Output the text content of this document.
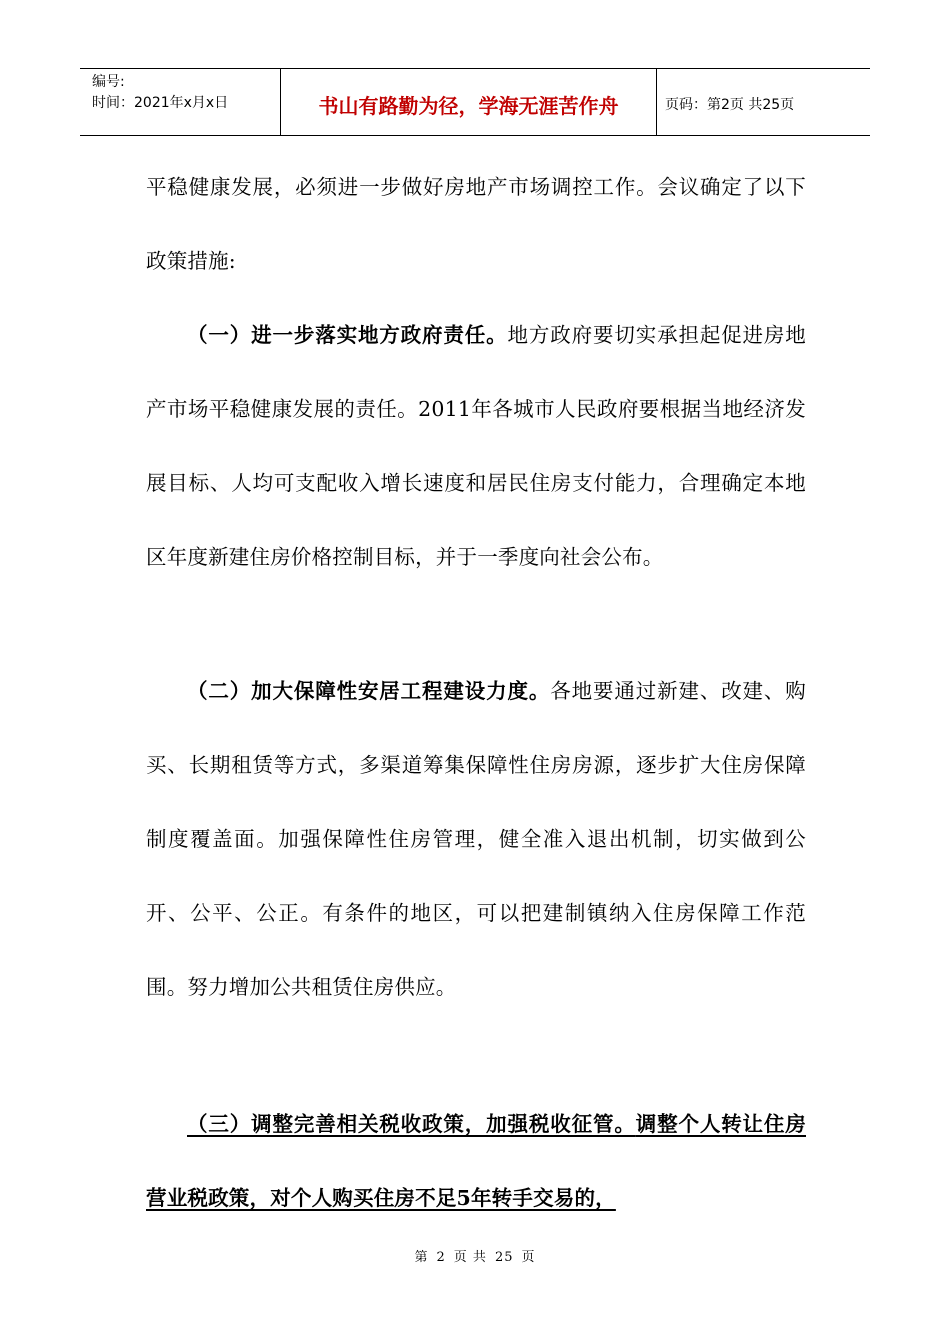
编号:
时间：2021年x月x日	书山有路勤为径，学海无涯苦作舟	页码：第2页 共25页

平稳健康发展，必须进一步做好房地产市场调控工作。会议确定了以下政策措施:

（一）进一步落实地方政府责任。地方政府要切实承担起促进房地产市场平稳健康发展的责任。2011年各城市人民政府要根据当地经济发展目标、人均可支配收入增长速度和居民住房支付能力，合理确定本地区年度新建住房价格控制目标，并于一季度向社会公布。

（二）加大保障性安居工程建设力度。各地要通过新建、改建、购买、长期租赁等方式，多渠道筹集保障性住房房源，逐步扩大住房保障制度覆盖面。加强保障性住房管理，健全准入退出机制，切实做到公开、公平、公正。有条件的地区，可以把建制镇纳入住房保障工作范围。努力增加公共租赁住房供应。

（三）调整完善相关税收政策，加强税收征管。调整个人转让住房营业税政策，对个人购买住房不足5年转手交易的，

第 2 页 共 25 页
